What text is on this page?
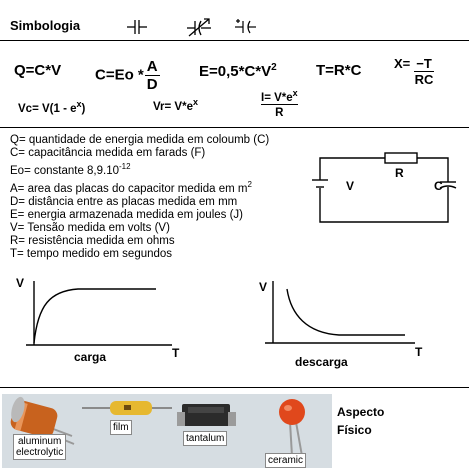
Simbologia
Q=C*V $C=Eo * \frac{A}{D}$	$E=0,5*C*V^2$	T=R*C	$X= \frac{-T}{RC}$
$Vc= V(1 - e^x)$	$Vr= V*e^x$	$I= V*e^x$
R
Q= quantidade de energia medida em coloumb (C)
C= capacitância medida em farads (F)
Eo= constante $8,9.10^{-12}$
A= area das placas do capacitor medida em $m^2$
D= distância entre as placas medida em mm
E= energia armazenada medida em joules (J)
V= Tensão medida em volts (V)
R= resistência medida em ohms
T= tempo medido em segundos
V
R
C
V
T
carga
V
T
descarga
aluminum
electrolytic
film
tantalum
ceramic
Aspecto
Físico
